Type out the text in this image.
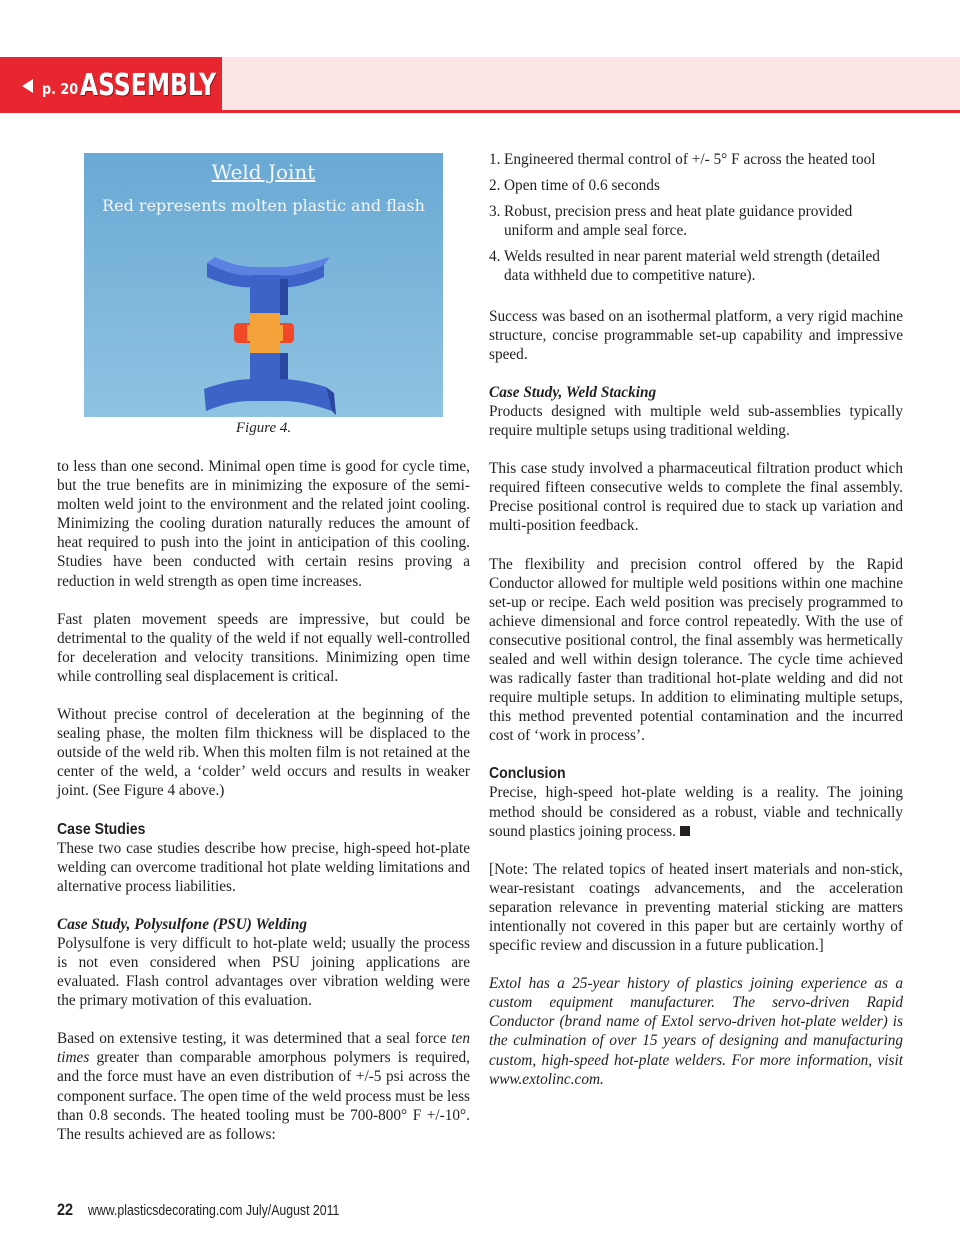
p. 20 ASSEMBLY
Weld Joint
Red represents molten plastic and flash
Figure 4.

to less than one second. Minimal open time is good for cycle time, but the true benefits are in minimizing the exposure of the semi-molten weld joint to the environment and the related joint cooling. Minimizing the cooling duration naturally reduces the amount of heat required to push into the joint in anticipation of this cooling. Studies have been conducted with certain resins proving a reduction in weld strength as open time increases.

Fast platen movement speeds are impressive, but could be detrimental to the quality of the weld if not equally well-controlled for deceleration and velocity transitions. Minimizing open time while controlling seal displacement is critical.

Without precise control of deceleration at the beginning of the sealing phase, the molten film thickness will be displaced to the outside of the weld rib. When this molten film is not retained at the center of the weld, a ‘colder’ weld occurs and results in weaker joint. (See Figure 4 above.)

Case Studies

These two case studies describe how precise, high-speed hot-plate welding can overcome traditional hot plate welding limitations and alternative process liabilities.

Case Study, Polysulfone (PSU) Welding

Polysulfone is very difficult to hot-plate weld; usually the process is not even considered when PSU joining applications are evaluated. Flash control advantages over vibration welding were the primary motivation of this evaluation.

Based on extensive testing, it was determined that a seal force ten times greater than comparable amorphous polymers is required, and the force must have an even distribution of +/-5 psi across the component surface. The open time of the weld process must be less than 0.8 seconds. The heated tooling must be 700-800° F +/-10°. The results achieved are as follows:

1. Engineered thermal control of +/- 5° F across the heated tool
2. Open time of 0.6 seconds
3. Robust, precision press and heat plate guidance provided uniform and ample seal force.
4. Welds resulted in near parent material weld strength (detailed data withheld due to competitive nature).

Success was based on an isothermal platform, a very rigid machine structure, concise programmable set-up capability and impressive speed.

Case Study, Weld Stacking

Products designed with multiple weld sub-assemblies typically require multiple setups using traditional welding.

This case study involved a pharmaceutical filtration product which required fifteen consecutive welds to complete the final assembly. Precise positional control is required due to stack up variation and multi-position feedback.

The flexibility and precision control offered by the Rapid Conductor allowed for multiple weld positions within one machine set-up or recipe. Each weld position was precisely programmed to achieve dimensional and force control repeatedly. With the use of consecutive positional control, the final assembly was hermetically sealed and well within design tolerance. The cycle time achieved was radically faster than traditional hot-plate welding and did not require multiple setups. In addition to eliminating multiple setups, this method prevented potential contamination and the incurred cost of ‘work in process’.

Conclusion

Precise, high-speed hot-plate welding is a reality. The joining method should be considered as a robust, viable and technically sound plastics joining process.

[Note: The related topics of heated insert materials and non-stick, wear-resistant coatings advancements, and the acceleration separation relevance in preventing material sticking are matters intentionally not covered in this paper but are certainly worthy of specific review and discussion in a future publication.]

Extol has a 25-year history of plastics joining experience as a custom equipment manufacturer. The servo-driven Rapid Conductor (brand name of Extol servo-driven hot-plate welder) is the culmination of over 15 years of designing and manufacturing custom, high-speed hot-plate welders. For more information, visit www.extolinc.com.

22 www.plasticsdecorating.com July/August 2011
